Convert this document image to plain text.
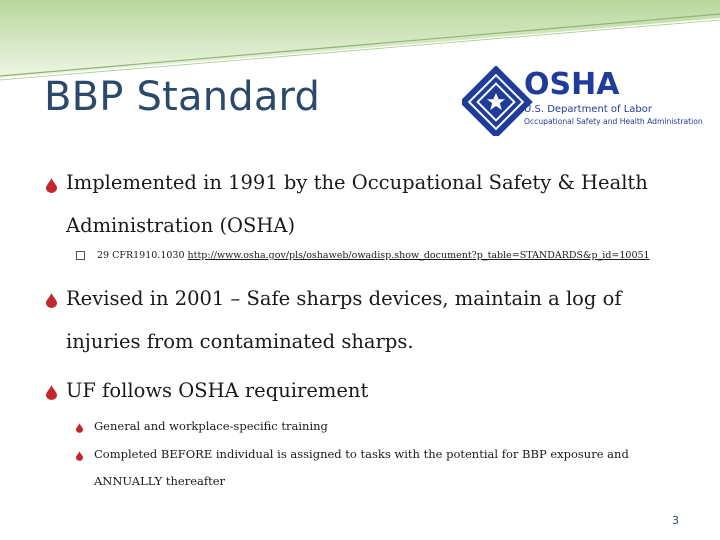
BBP Standard	OSHA
U.S. Department of Labor
Occupational Safety and Health Administration
Implemented in 1991 by the Occupational Safety & Health
Administration (OSHA)
29 CFR1910.1030 http://www.osha.gov/pls/oshaweb/owadisp.show_document?p_table=STANDARDS&p_id=10051
Revised in 2001 – Safe sharps devices, maintain a log of
injuries from contaminated sharps.
UF follows OSHA requirement
General and workplace-specific training
Completed BEFORE individual is assigned to tasks with the potential for BBP exposure and
ANNUALLY thereafter
3
